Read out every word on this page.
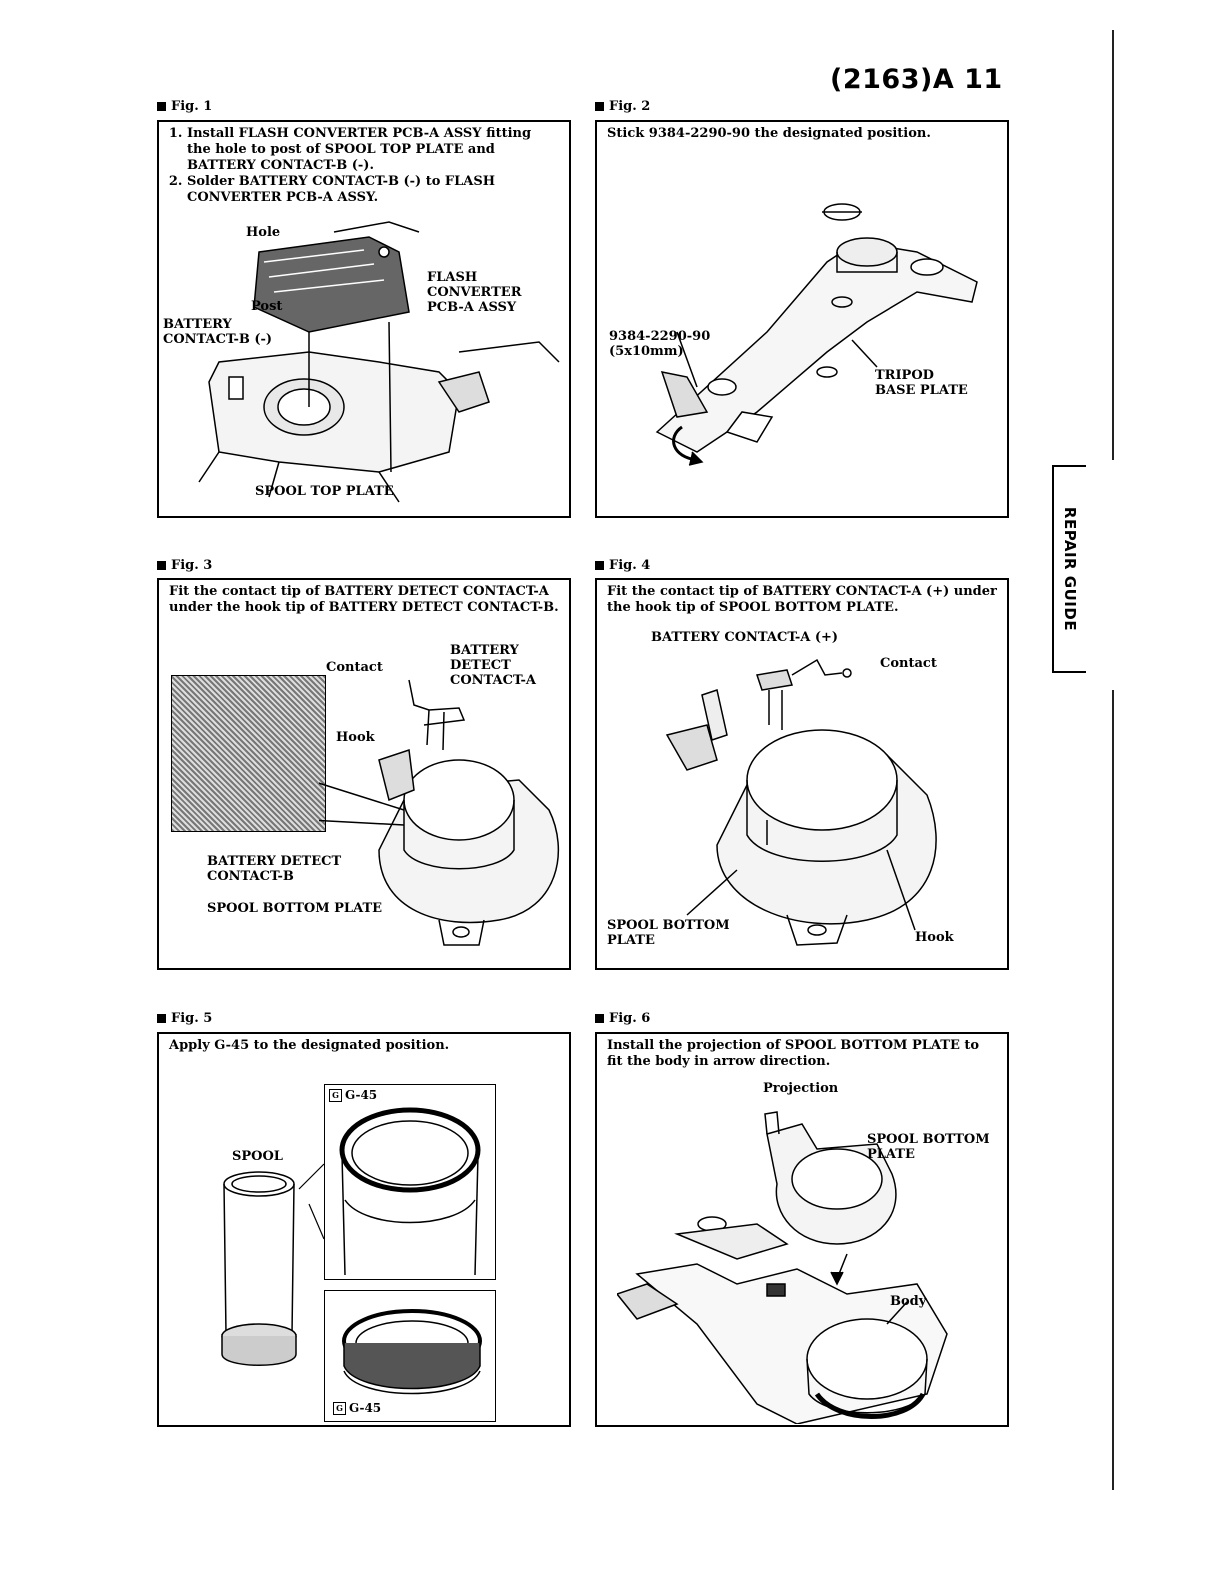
(2163)A 11
REPAIR GUIDE
Fig. 1
1. Install FLASH CONVERTER PCB-A ASSY fitting the hole to post of SPOOL TOP PLATE and BATTERY CONTACT-B (-).
2. Solder BATTERY CONTACT-B (-) to FLASH CONVERTER PCB-A ASSY.
Hole
Post
BATTERY
CONTACT-B (-)
FLASH
CONVERTER
PCB-A ASSY
SPOOL TOP PLATE
Fig. 2
Stick 9384-2290-90 the designated position.
9384-2290-90
(5x10mm)
TRIPOD
BASE PLATE
Fig. 3
Fit the contact tip of BATTERY DETECT CONTACT-A under the hook tip of BATTERY DETECT CONTACT-B.
Contact
BATTERY
DETECT
CONTACT-A
Hook
BATTERY DETECT
CONTACT-B
SPOOL BOTTOM PLATE
Fig. 4
Fit the contact tip of BATTERY CONTACT-A (+) under the hook tip of SPOOL BOTTOM PLATE.
BATTERY CONTACT-A (+)
Contact
SPOOL BOTTOM
PLATE	Hook
Fig. 5
Apply G-45 to the designated position.
G G-45
G G-45
SPOOL
Fig. 6
Install the projection of SPOOL BOTTOM PLATE to fit the body in arrow direction.
Projection
SPOOL BOTTOM
PLATE
Body
